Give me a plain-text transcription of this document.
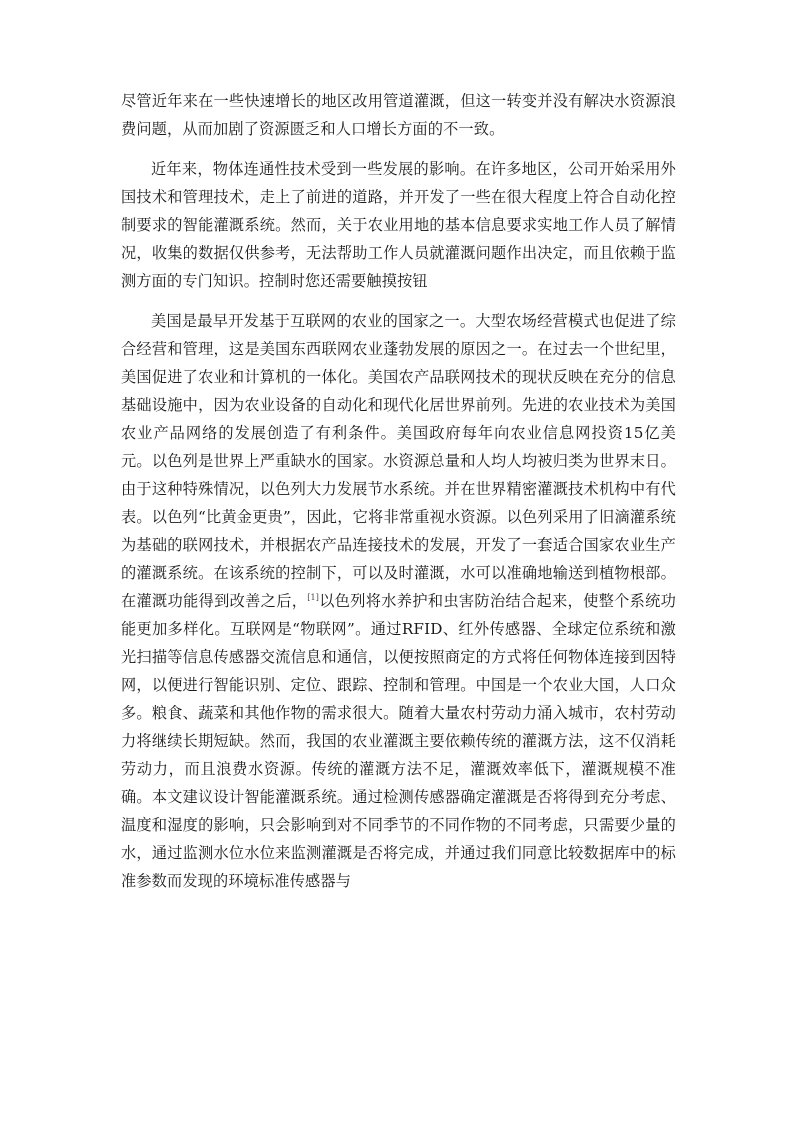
尽管近年来在一些快速增长的地区改用管道灌溉，但这一转变并没有解决水资源浪费问题，从而加剧了资源匮乏和人口增长方面的不一致。

近年来，物体连通性技术受到一些发展的影响。在许多地区，公司开始采用外国技术和管理技术，走上了前进的道路，并开发了一些在很大程度上符合自动化控制要求的智能灌溉系统。然而，关于农业用地的基本信息要求实地工作人员了解情况，收集的数据仅供参考，无法帮助工作人员就灌溉问题作出决定，而且依赖于监测方面的专门知识。控制时您还需要触摸按钮

美国是最早开发基于互联网的农业的国家之一。大型农场经营模式也促进了综合经营和管理，这是美国东西联网农业蓬勃发展的原因之一。在过去一个世纪里，美国促进了农业和计算机的一体化。美国农产品联网技术的现状反映在充分的信息基础设施中，因为农业设备的自动化和现代化居世界前列。先进的农业技术为美国农业产品网络的发展创造了有利条件。美国政府每年向农业信息网投资15亿美元。以色列是世界上严重缺水的国家。水资源总量和人均人均被归类为世界末日。由于这种特殊情况，以色列大力发展节水系统。并在世界精密灌溉技术机构中有代表。以色列“比黄金更贵”，因此，它将非常重视水资源。以色列采用了旧滴灌系统为基础的联网技术，并根据农产品连接技术的发展，开发了一套适合国家农业生产的灌溉系统。在该系统的控制下，可以及时灌溉，水可以准确地输送到植物根部。在灌溉功能得到改善之后，[1]以色列将水养护和虫害防治结合起来，使整个系统功能更加多样化。互联网是“物联网”。通过RFID、红外传感器、全球定位系统和激光扫描等信息传感器交流信息和通信，以便按照商定的方式将任何物体连接到因特网，以便进行智能识别、定位、跟踪、控制和管理。中国是一个农业大国，人口众多。粮食、蔬菜和其他作物的需求很大。随着大量农村劳动力涌入城市，农村劳动力将继续长期短缺。然而，我国的农业灌溉主要依赖传统的灌溉方法，这不仅消耗劳动力，而且浪费水资源。传统的灌溉方法不足，灌溉效率低下，灌溉规模不准确。本文建议设计智能灌溉系统。通过检测传感器确定灌溉是否将得到充分考虑、温度和湿度的影响，只会影响到对不同季节的不同作物的不同考虑，只需要少量的水，通过监测水位水位来监测灌溉是否将完成，并通过我们同意比较数据库中的标准参数而发现的环境标准传感器与
